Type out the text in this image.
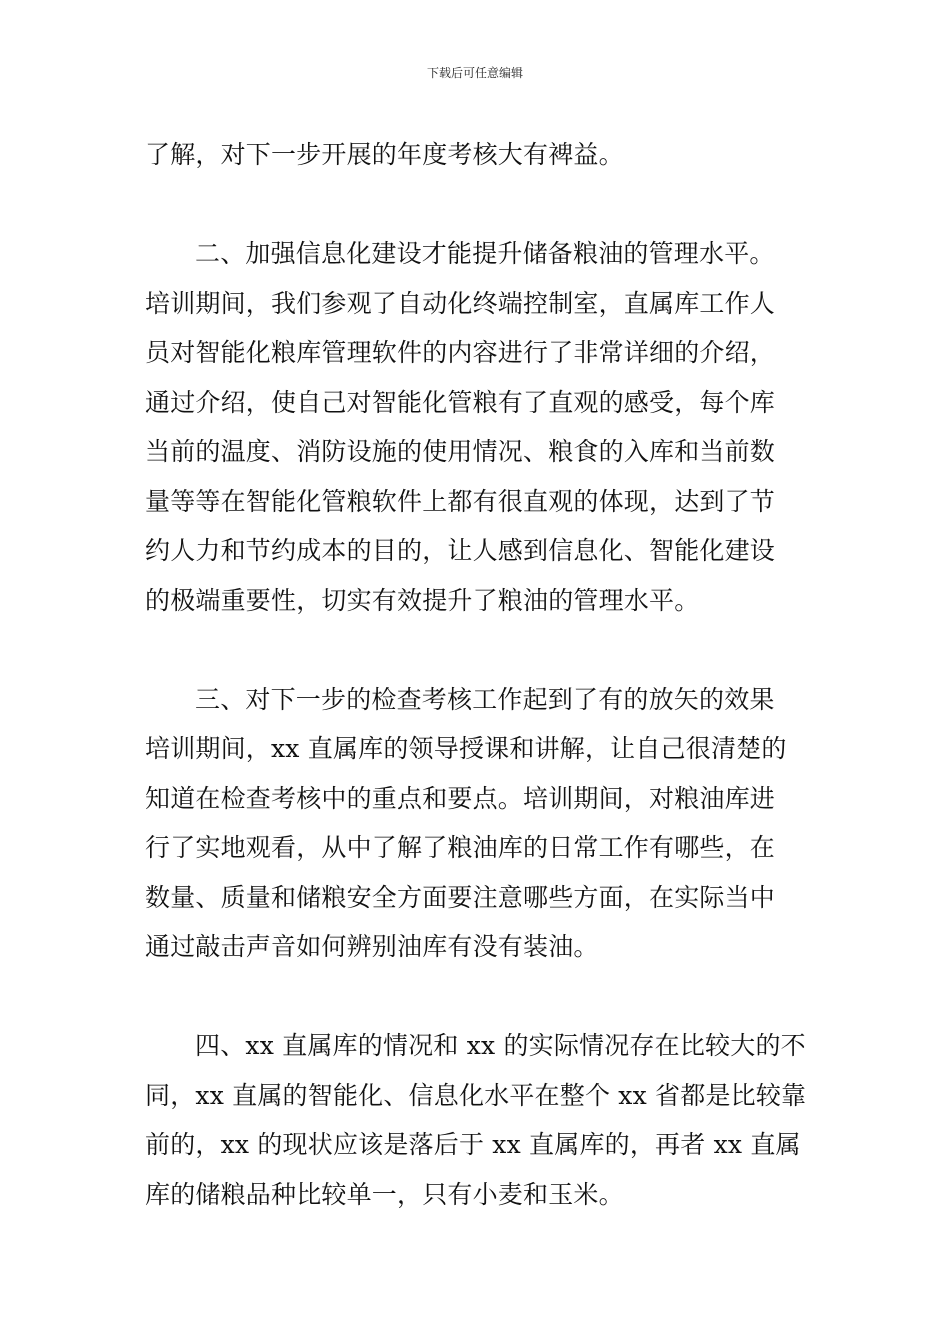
下载后可任意编辑
了解，对下一步开展的年度考核大有裨益。
二、加强信息化建设才能提升储备粮油的管理水平。
培训期间，我们参观了自动化终端控制室，直属库工作人
员对智能化粮库管理软件的内容进行了非常详细的介绍，
通过介绍，使自己对智能化管粮有了直观的感受，每个库
当前的温度、消防设施的使用情况、粮食的入库和当前数
量等等在智能化管粮软件上都有很直观的体现，达到了节
约人力和节约成本的目的，让人感到信息化、智能化建设
的极端重要性，切实有效提升了粮油的管理水平。
三、对下一步的检查考核工作起到了有的放矢的效果
培训期间，xx 直属库的领导授课和讲解，让自己很清楚的
知道在检查考核中的重点和要点。培训期间，对粮油库进
行了实地观看，从中了解了粮油库的日常工作有哪些，在
数量、质量和储粮安全方面要注意哪些方面，在实际当中
通过敲击声音如何辨别油库有没有装油。
四、xx 直属库的情况和 xx 的实际情况存在比较大的不
同，xx 直属的智能化、信息化水平在整个 xx 省都是比较靠
前的，xx 的现状应该是落后于 xx 直属库的，再者 xx 直属
库的储粮品种比较单一，只有小麦和玉米。
